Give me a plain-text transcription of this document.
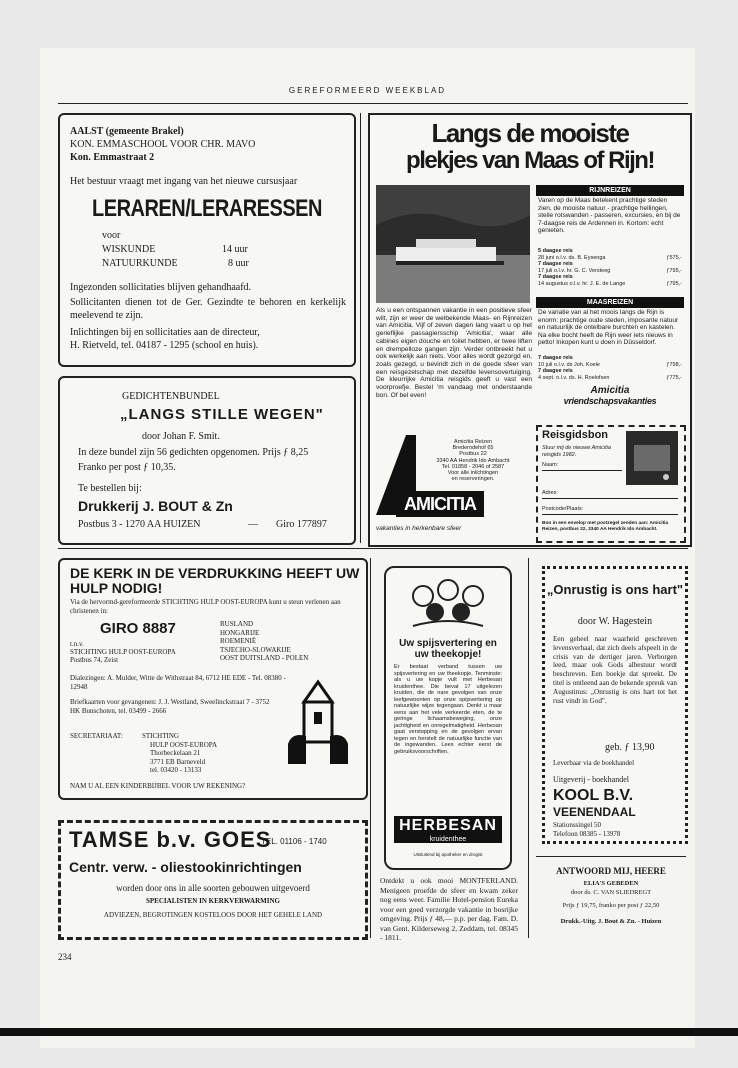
GEREFORMEERD WEEKBLAD
AALST (gemeente Brakel)
KON. EMMASCHOOL VOOR CHR. MAVO
Kon. Emmastraat 2
Het bestuur vraagt met ingang van het nieuwe cursusjaar
LERAREN/LERARESSEN
voor
WISKUNDE	14 uur
NATUURKUNDE	8 uur
Ingezonden sollicitaties blijven gehandhaafd.
Sollicitanten dienen tot de Ger. Gezindte te behoren en kerkelijk meelevend te zijn.
Inlichtingen bij en sollicitaties aan de directeur,
H. Rietveld, tel. 04187 - 1295 (school en huis).
GEDICHTENBUNDEL
„LANGS STILLE WEGEN"
door Johan F. Smit.
In deze bundel zijn 56 gedichten opgenomen. Prijs ƒ 8,25
Franko per post ƒ 10,35.
Te bestellen bij:
Drukkerij J. BOUT & Zn
Postbus 3 - 1270 AA HUIZEN	— Giro 177897
Langs de mooiste
plekjes van Maas of Rijn!
RIJNREIZEN
Varen op de Maas betekent prachtige steden zien, de mooiste natuur - prachtige hellingen, steile rotswanden - passeren, excursies, en bij de 7-daagse reis de Ardennen in. Kortom: echt genieten.
5 daagse reis
28 juni o.l.v. ds. B. Eysenga	ƒ575,-
7 daagse reis
17 juli o.l.v. hr. G. C. Versteeg	ƒ795,-
7 daagse reis
14 augustus o.l.v. hr. J. E. de Lange	ƒ795,-
MAASREIZEN
De variatie van al het moois langs de Rijn is enorm: prachtige oude steden, imposante natuur en natuurlijk de ontelbare burchten en kastelen. Na elke bocht heeft de Rijn weer iets nieuws in petto! Inkopen kunt u doen in Düsseldorf.
7 daagse reis
10 juli o.l.v. ds Joh. Koele	ƒ798,-
7 daagse reis
4 sept. o.l.v. ds. H. Roelofsen	ƒ775,-
Amicitia
vriendschapsvakanties
Als u een ontspannen vakantie in een positieve sfeer wilt, zijn er weer de welbekende Maas- en Rijnreizen van Amicitia. Vijf of zeven dagen lang vaart u op het gerieflijke passagiersschip 'Amicitia', waar alle cabines eigen douche en toilet hebben, er twee liften en drempelloze gangen zijn. Verder ontbreekt het u ook werkelijk aan niets. Voor alles wordt gezorgd en, zoals gezegd, u bevindt zich in de goede sfeer van een reisgezelschap met dezelfde levensovertuiging. De kleurrijke Amicitia reisgids geeft u vast een voorproefje. Bestel 'm vandaag met onderstaande bon. Of bel even!
Amicitia Reizen
Brederodehof 65
Postbus 22
3340 AA Hendrik Ido Ambacht
Tel. 01858 - 2046 of 2587
Voor alle inlichtingen
en reserveringen.
AMICITIA
vakanties in herkenbare sfeer
Reisgidsbon
Stuur mij de nieuwe Amicitia reisgids 1982.
Naam:
Adres:
Postcode/Plaats:
Bon in een envelop met postzegel zenden aan: Amicitia Reizen, postbus 22, 3340 AA Hendrik Ido Ambacht.
DE KERK IN DE VERDRUKKING HEEFT UW HULP NODIG!
Via de hervormd-gereformeerde STICHTING HULP OOST-EUROPA kunt u steun verlenen aan christenen in:
GIRO 8887
t.n.v.
STICHTING HULP OOST-EUROPA
Postbus 74, Zeist
RUSLAND
HONGARIJE
ROEMENIË
TSJECHO-SLOWAKIJE
OOST DUITSLAND - POLEN
Dialezingen: A. Mulder, Witte de Withstraat 84, 6712 HE EDE - Tel. 08380 - 12948
Briefkaarten voor gevangenen: J. J. Westland, Sweelinckstraat 7 - 3752 HK Bunschoten, tel. 03499 - 2666
SECRETARIAAT:	STICHTING
HULP OOST-EUROPA
Thorbeckelaan 21
3771 EB Barneveld
tel. 03420 - 13133
NAM U AL EEN KINDERBIJBEL VOOR UW REKENING?
TAMSE b.v. GOES
TEL. 01106 - 1740
Centr. verw. - oliestookinrichtingen
worden door ons in alle soorten gebouwen uitgevoerd
SPECIALISTEN IN KERKVERWARMING
ADVIEZEN, BEGROTINGEN KOSTELOOS DOOR HET GEHELE LAND
Uw spijsvertering en uw theekopje!
Er bestaat verband tussen uw spijsvertering en uw theekopje. Tenminste: als u uw kopje vult met Herbesan kruidenthee. Die bevat 17 uitgelezen kruiden, die de nare gevolgen van onze leefgewoonten op onze spijsvertering op natuurlijke wijze tegengaan. Denkt u maar eens aan het vele verkeerde eten, de te geringe lichaamsbeweging, onze jachtigheid en onregelmatigheid. Herbesan gaat verstopping en de gevolgen ervan tegen en herstelt de natuurlijke functie van de ingewanden. Lees echter eerst de gebruiksvoorschriften.
HERBESAN
kruidenthee
Uitsluitend bij apotheker en drogist
Ontdekt u ook mooi MONTFERLAND. Menigeen proefde de sfeer en kwam zeker nog eens weer. Familie Hotel-pension Eureka voor een goed verzorgde vakantie in bosrijke omgeving. Prijs ƒ 48,— p.p. per dag. Fam. D. van Gent. Kilderseweg 2, Zeddam, tel. 08345 - 1811.
„Onrustig is ons hart"
door W. Hagestein
Een geheel naar waarheid geschreven levensverhaal, dat zich deels afspeelt in de crisis van de dertiger jaren. Verborgen leed, maar ook Gods albestuur wordt beschreven. Een boekje dat spreekt. De titel is ontleend aan de bekende spreuk van Augustinus: „Onrustig is ons hart tot het rust vindt in God".
geb. ƒ 13,90
Leverbaar via de boekhandel
Uitgeverij - boekhandel
KOOL B.V.
VEENENDAAL
Stationssingel 50
Telefoon 08385 - 13978
ANTWOORD MIJ, HEERE
ELIA'S GEBEDEN
door ds. C. VAN SLIEDREGT
Prijs ƒ 19,75, franko per post ƒ 22,50
Drukk.-Uitg. J. Bout & Zn. - Huizen
234
